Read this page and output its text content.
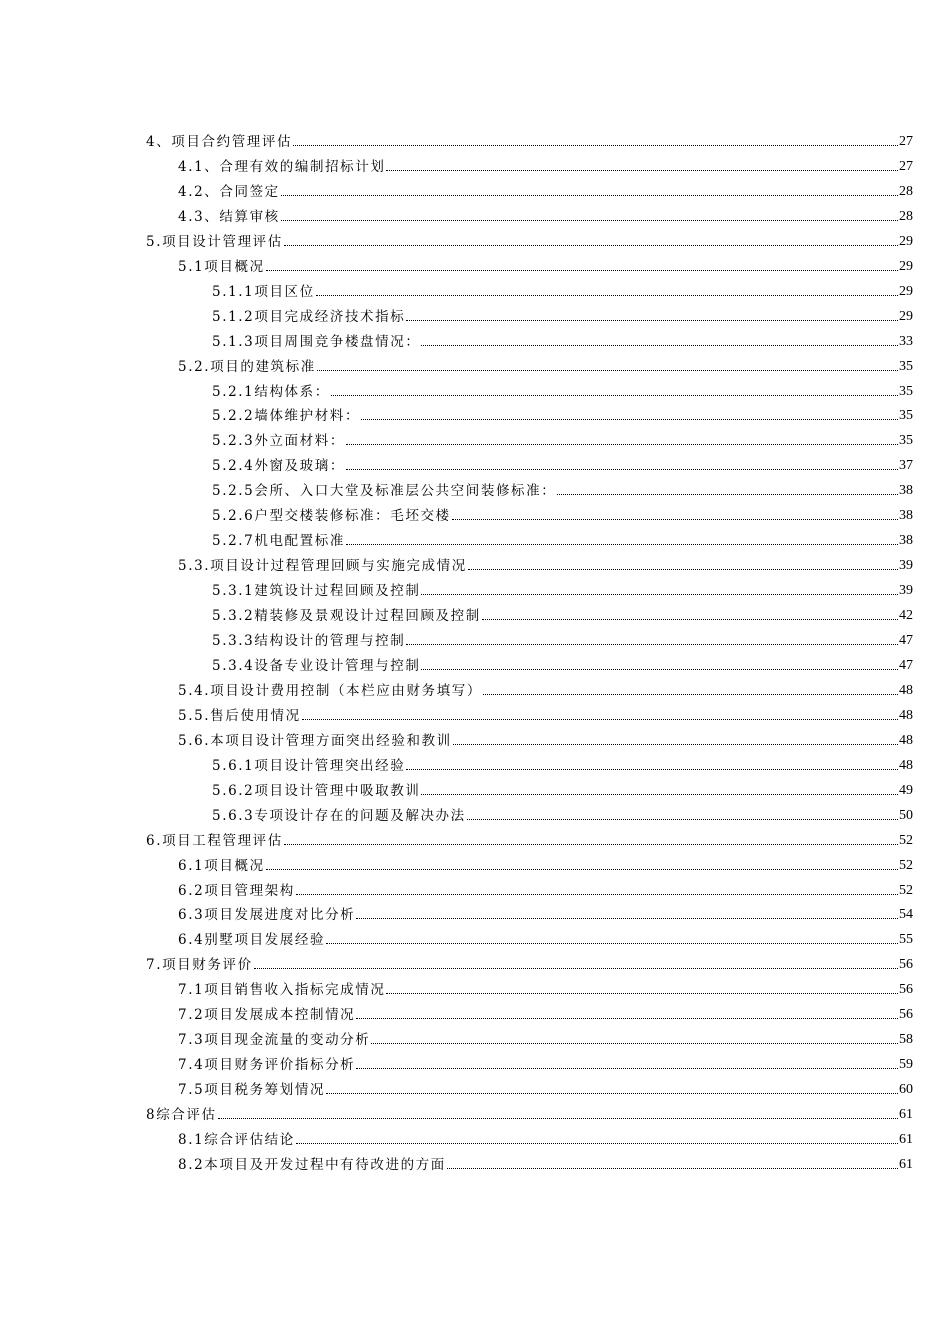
4、项目合约管理评估	27
4.1、合理有效的编制招标计划	27
4.2、合同签定	28
4.3、结算审核	28
5.项目设计管理评估	29
5.1项目概况	29
5.1.1项目区位	29
5.1.2项目完成经济技术指标	29
5.1.3项目周围竞争楼盘情况：	33
5.2.项目的建筑标准	35
5.2.1结构体系：	35
5.2.2墙体维护材料：	35
5.2.3外立面材料：	35
5.2.4外窗及玻璃：	37
5.2.5会所、入口大堂及标准层公共空间装修标准：	38
5.2.6户型交楼装修标准：毛坯交楼	38
5.2.7机电配置标准	38
5.3.项目设计过程管理回顾与实施完成情况	39
5.3.1建筑设计过程回顾及控制	39
5.3.2精装修及景观设计过程回顾及控制	42
5.3.3结构设计的管理与控制	47
5.3.4设备专业设计管理与控制	47
5.4.项目设计费用控制（本栏应由财务填写）	48
5.5.售后使用情况	48
5.6.本项目设计管理方面突出经验和教训	48
5.6.1项目设计管理突出经验	48
5.6.2项目设计管理中吸取教训	49
5.6.3专项设计存在的问题及解决办法	50
6.项目工程管理评估	52
6.1项目概况	52
6.2项目管理架构	52
6.3项目发展进度对比分析	54
6.4别墅项目发展经验	55
7.项目财务评价	56
7.1项目销售收入指标完成情况	56
7.2项目发展成本控制情况	56
7.3项目现金流量的变动分析	58
7.4项目财务评价指标分析	59
7.5项目税务筹划情况	60
8综合评估	61
8.1综合评估结论	61
8.2本项目及开发过程中有待改进的方面	61
